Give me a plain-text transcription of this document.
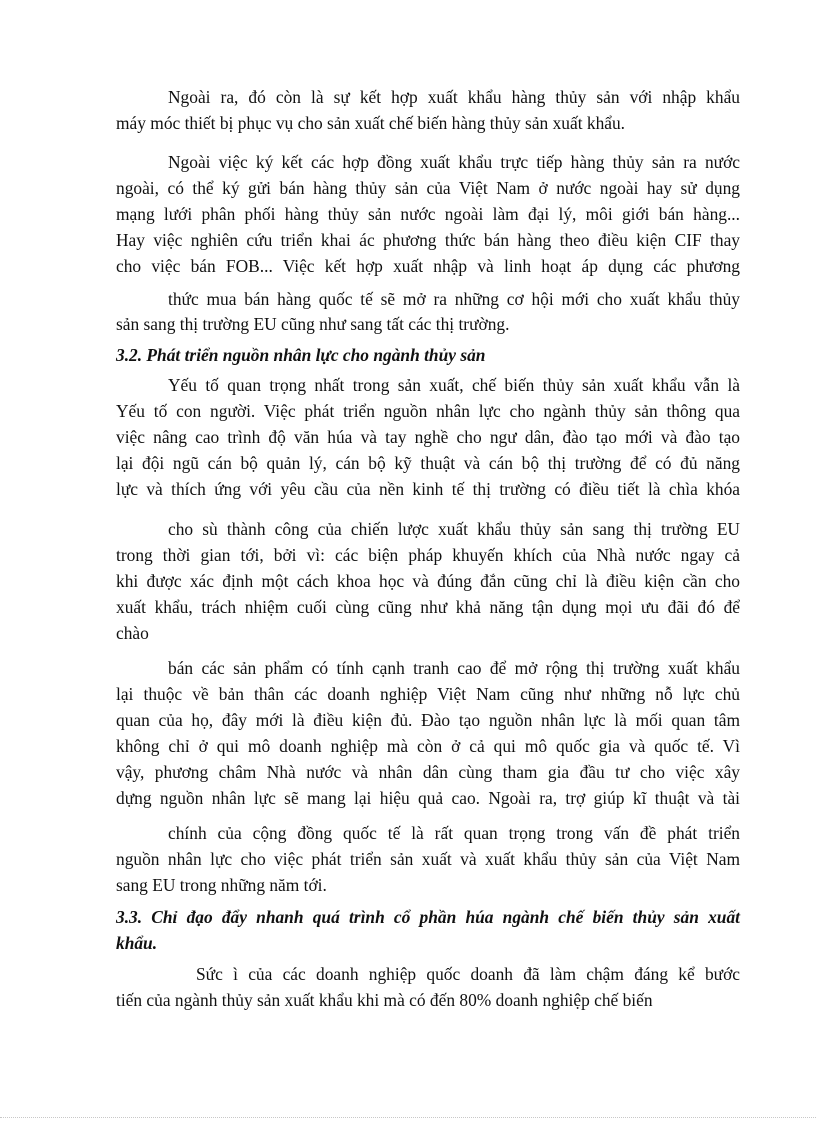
Ngoài ra, đó còn là sự kết hợp xuất khẩu hàng thủy sản với nhập khẩu
máy móc thiết bị phục vụ cho sản xuất chế biến hàng thủy sản xuất khẩu.
Ngoài việc ký kết các hợp đồng xuất khẩu trực tiếp hàng thủy sản ra nước
ngoài, có thể ký gửi bán hàng thủy sản của Việt Nam ở nước ngoài hay sử dụng
mạng lưới phân phối hàng thủy sản nước ngoài làm đại lý, môi giới bán hàng...
Hay việc nghiên cứu triển khai ác phương thức bán hàng theo điều kiện CIF thay
cho việc bán FOB... Việc kết hợp xuất nhập và linh hoạt áp dụng các phương
thức mua bán hàng quốc tế sẽ mở ra những cơ hội mới cho xuất khẩu thủy
sản sang thị trường EU cũng như sang tất các thị trường.
3.2. Phát triển nguồn nhân lực cho ngành thủy sản
Yếu tố quan trọng nhất trong sản xuất, chế biến thủy sản xuất khẩu vẫn là
Yếu tố con người. Việc phát triển nguồn nhân lực cho ngành thủy sản thông qua
việc nâng cao trình độ văn húa và tay nghề cho ngư dân, đào tạo mới và đào tạo
lại đội ngũ cán bộ quản lý, cán bộ kỹ thuật và cán bộ thị trường để có đủ năng
lực và thích ứng với yêu cầu của nền kinh tế thị trường có điều tiết là chìa khóa
cho sù thành công của chiến lược xuất khẩu thủy sản sang thị trường EU
trong thời gian tới, bởi vì: các biện pháp khuyến khích của Nhà nước ngay cả
khi được xác định một cách khoa học và đúng đắn cũng chỉ là điều kiện cần cho
xuất khẩu, trách nhiệm cuối cùng cũng như khả năng tận dụng mọi ưu đãi đó để
chào
bán các sản phẩm có tính cạnh tranh cao để mở rộng thị trường xuất khẩu
lại thuộc về bản thân các doanh nghiệp Việt Nam cũng như những nỗ lực chủ
quan của họ, đây mới là điều kiện đủ. Đào tạo nguồn nhân lực là mối quan tâm
không chỉ ở qui mô doanh nghiệp mà còn ở cả qui mô quốc gia và quốc tế. Vì
vậy, phương châm Nhà nước và nhân dân cùng tham gia đầu tư cho việc xây
dựng nguồn nhân lực sẽ mang lại hiệu quả cao. Ngoài ra, trợ giúp kĩ thuật và tài
chính của cộng đồng quốc tế là rất quan trọng trong vấn đề phát triển
nguồn nhân lực cho việc phát triển sản xuất và xuất khẩu thủy sản của Việt Nam
sang EU trong những năm tới.
3.3. Chỉ đạo đẩy nhanh quá trình cổ phần húa ngành chế biến thủy sản xuất
khẩu.
Sức ì của các doanh nghiệp quốc doanh đã làm chậm đáng kể bước
tiến của ngành thủy sản xuất khẩu khi mà có đến 80% doanh nghiệp chế biến
